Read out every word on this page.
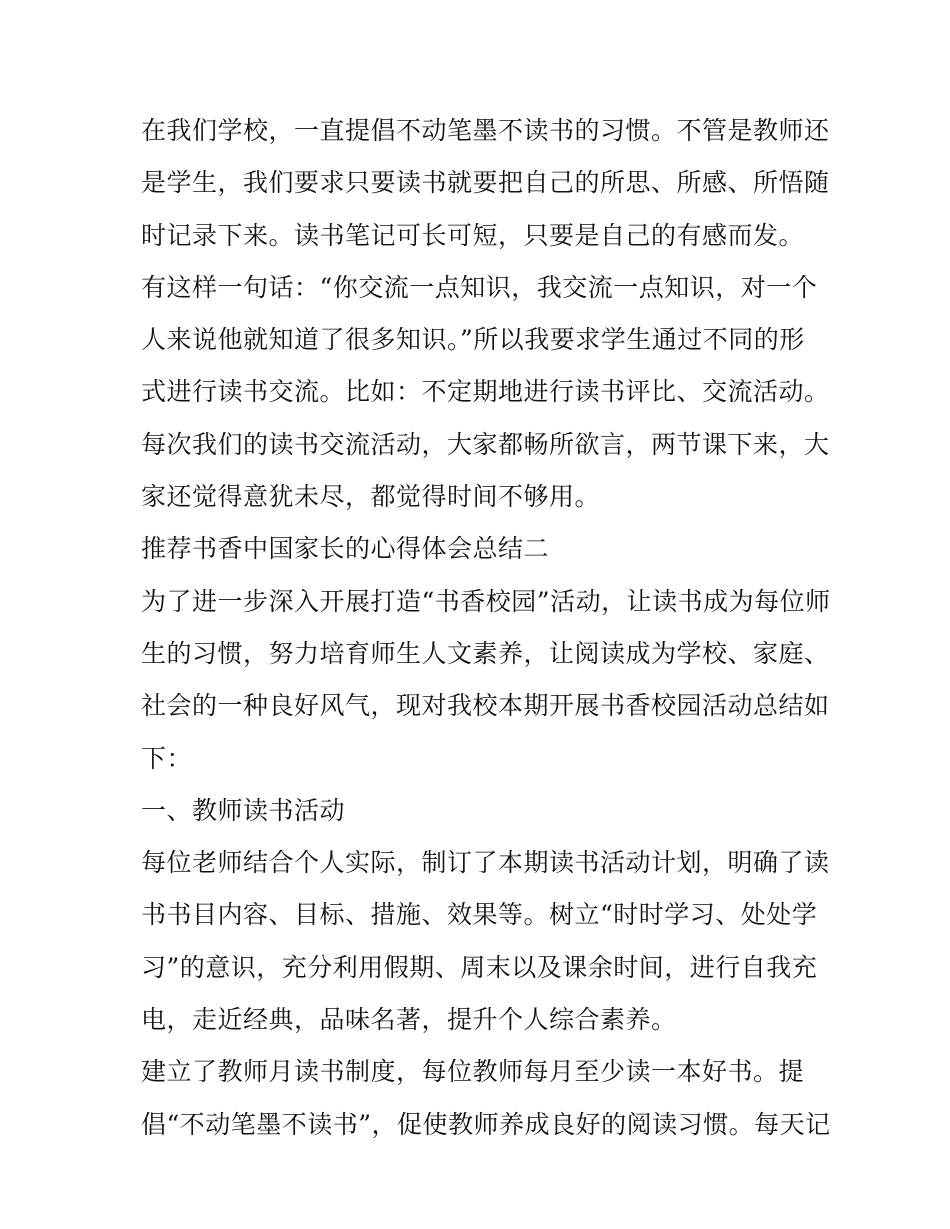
在我们学校，一直提倡不动笔墨不读书的习惯。不管是教师还
是学生，我们要求只要读书就要把自己的所思、所感、所悟随
时记录下来。读书笔记可长可短，只要是自己的有感而发。
有这样一句话：“你交流一点知识，我交流一点知识，对一个
人来说他就知道了很多知识。”所以我要求学生通过不同的形
式进行读书交流。比如：不定期地进行读书评比、交流活动。
每次我们的读书交流活动，大家都畅所欲言，两节课下来，大
家还觉得意犹未尽，都觉得时间不够用。
推荐书香中国家长的心得体会总结二
为了进一步深入开展打造“书香校园”活动，让读书成为每位师
生的习惯，努力培育师生人文素养，让阅读成为学校、家庭、
社会的一种良好风气，现对我校本期开展书香校园活动总结如
下：
一、教师读书活动
每位老师结合个人实际，制订了本期读书活动计划，明确了读
书书目内容、目标、措施、效果等。树立“时时学习、处处学
习”的意识，充分利用假期、周末以及课余时间，进行自我充
电，走近经典，品味名著，提升个人综合素养。
建立了教师月读书制度，每位教师每月至少读一本好书。提
倡“不动笔墨不读书”，促使教师养成良好的阅读习惯。每天记
